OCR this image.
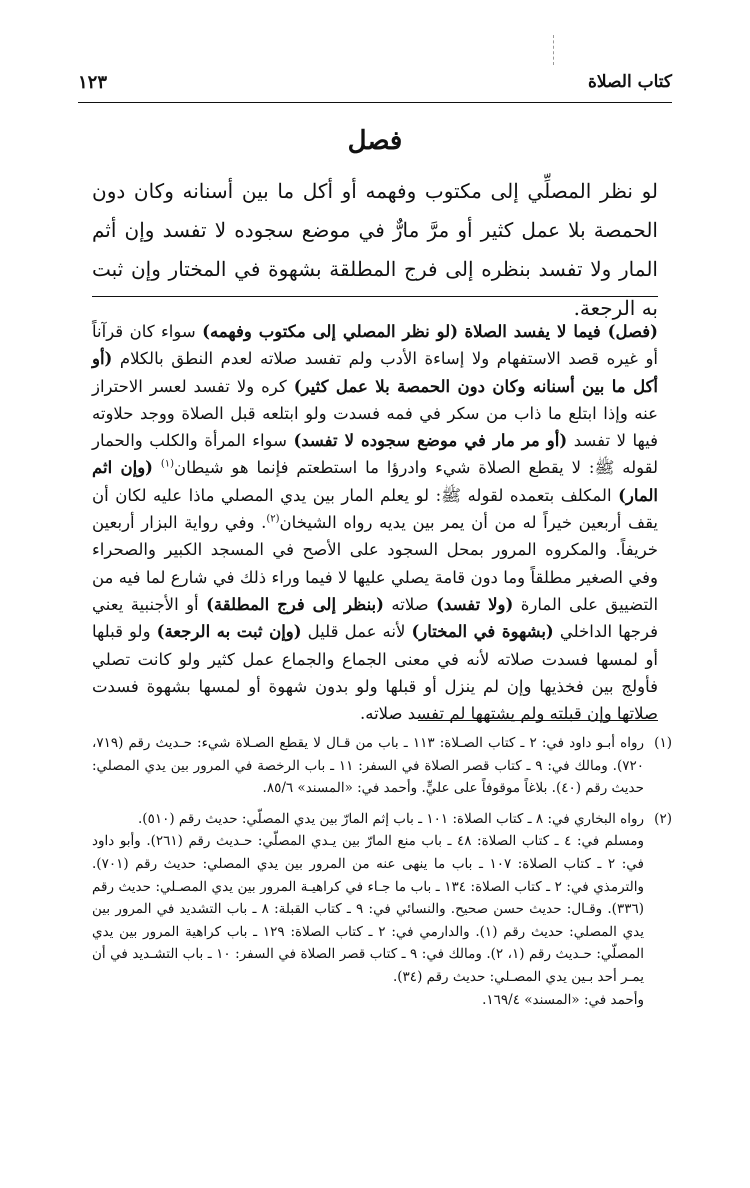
كتاب الصلاة
١٢٣
فصل
لو نظر المصلِّي إلى مكتوب وفهمه أو أكل ما بين أسنانه وكان دون الحمصة بلا عمل كثير أو مرَّ مارٌّ في موضع سجوده لا تفسد وإن أثم المار ولا تفسد بنظره إلى فرج المطلقة بشهوة في المختار وإن ثبت به الرجعة.
(فصل) فيما لا يفسد الصلاة (لو نظر المصلي إلى مكتوب وفهمه) سواء كان قرآناً أو غيره قصد الاستفهام ولا إساءة الأدب ولم تفسد صلاته لعدم النطق بالكلام (أو أكل ما بين أسنانه وكان دون الحمصة بلا عمل كثير) كره ولا تفسد لعسر الاحتراز عنه وإذا ابتلع ما ذاب من سكر في فمه فسدت ولو ابتلعه قبل الصلاة ووجد حلاوته فيها لا تفسد (أو مر مار في موضع سجوده لا تفسد) سواء المرأة والكلب والحمار لقوله ﷺ: لا يقطع الصلاة شيء وادرؤا ما استطعتم فإنما هو شيطان$^{(١)}$ (وإن اثم المار) المكلف بتعمده لقوله ﷺ: لو يعلم المار بين يدي المصلي ماذا عليه لكان أن يقف أربعين خيراً له من أن يمر بين يديه رواه الشيخان$^{(٢)}$. وفي رواية البزار أربعين خريفاً. والمكروه المرور بمحل السجود على الأصح في المسجد الكبير والصحراء وفي الصغير مطلقاً وما دون قامة يصلي عليها لا فيما وراء ذلك في شارع لما فيه من التضييق على المارة (ولا تفسد) صلاته (بنظر إلى فرج المطلقة) أو الأجنبية يعني فرجها الداخلي (بشهوة في المختار) لأنه عمل قليل (وإن ثبت به الرجعة) ولو قبلها أو لمسها فسدت صلاته لأنه في معنى الجماع والجماع عمل كثير ولو كانت تصلي فأولج بين فخذيها وإن لم ينزل أو قبلها ولو بدون شهوة أو لمسها بشهوة فسدت صلاتها وإن قبلته ولم يشتهها لم تفسد صلاته.
(١)

رواه أبـو داود في: ٢ ـ كتاب الصـلاة: ١١٣ ـ باب من قـال لا يقطع الصـلاة شيء: حـديث رقم (٧١٩، ٧٢٠). ومالك في: ٩ ـ كتاب قصر الصلاة في السفر: ١١ ـ باب الرخصة في المرور بين يدي المصلي: حديث رقم (٤٠). بلاغاً موقوفاً على عليٍّ. وأحمد في: «المسند» ٨٥/٦.

(٢)

رواه البخاري في: ٨ ـ كتاب الصلاة: ١٠١ ـ باب إثم المارّ بين يدي المصلّي: حديث رقم (٥١٠).

ومسلم في: ٤ ـ كتاب الصلاة: ٤٨ ـ باب منع المارّ بين يـدي المصلّي: حـديث رقم (٢٦١). وأبو داود في: ٢ ـ كتاب الصلاة: ١٠٧ ـ باب ما ينهى عنه من المرور بين يدي المصلي: حديث رقم (٧٠١). والترمذي في: ٢ ـ كتاب الصلاة: ١٣٤ ـ باب ما جـاء في كراهيـة المرور بين يدي المصـلي: حديث رقم (٣٣٦). وقـال: حديث حسن صحيح. والنسائي في: ٩ ـ كتاب القبلة: ٨ ـ باب التشديد في المرور بين يدي المصلي: حديث رقم (١). والدارمي في: ٢ ـ كتاب الصلاة: ١٢٩ ـ باب كراهية المرور بين يدي المصلّي: حـديث رقم (١، ٢). ومالك في: ٩ ـ كتاب قصر الصلاة في السفر: ١٠ ـ باب التشـديد في أن يمـر أحد بـين يدي المصـلي: حديث رقم (٣٤).

وأحمد في: «المسند» ١٦٩/٤.
